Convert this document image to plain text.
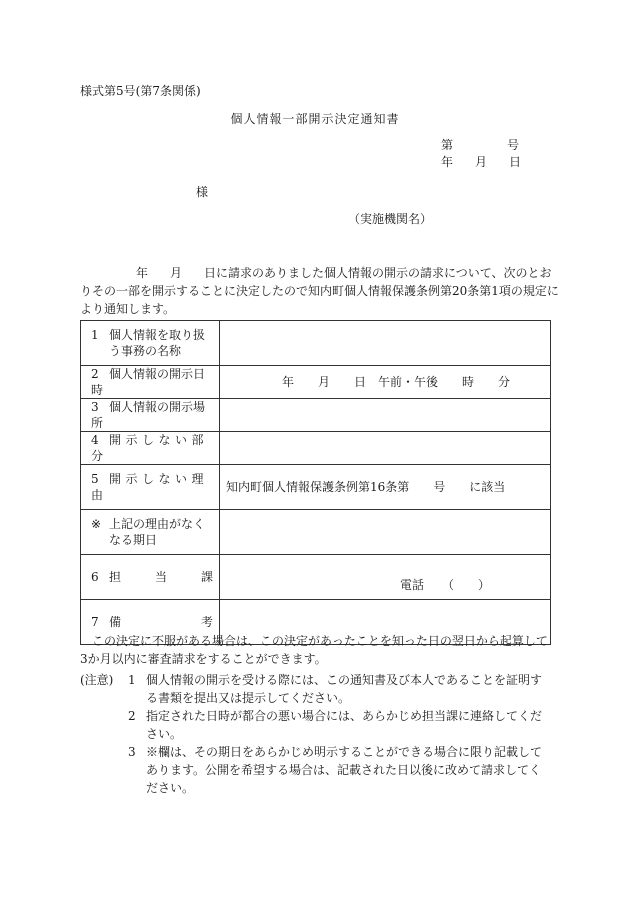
様式第5号(第7条関係)
個人情報一部開示決定通知書
第	号
年 月 日
様
（実施機関名）
年 月 日に請求のありました個人情報の開示の請求について、次のとお
りその一部を開示することに決定したので知内町個人情報保護条例第20条第1項の規定に
より通知します。
1 個人情報を取り扱う事務の名称	

2 個人情報の開示日時	年　　月　　日　午前・午後　　時　　分
3 個人情報の開示場所	
4 開示しない部分	
5 開示しない理由	知内町個人情報保護条例第16条第　　号　　に該当

※ 上記の理由がなくなる期日	

6 担 当 課	電話　　（　　）

7 備 考	

この決定に不服がある場合は、この決定があったことを知った日の翌日から起算して3か月以内に審査請求をすることができます。
(注意)	1 個人情報の開示を受ける際には、この通知書及び本人であることを証明する書類を提出又は提示してください。
2 指定された日時が都合の悪い場合には、あらかじめ担当課に連絡してください。
3 ※欄は、その期日をあらかじめ明示することができる場合に限り記載してあります。公開を希望する場合は、記載された日以後に改めて請求してください。
